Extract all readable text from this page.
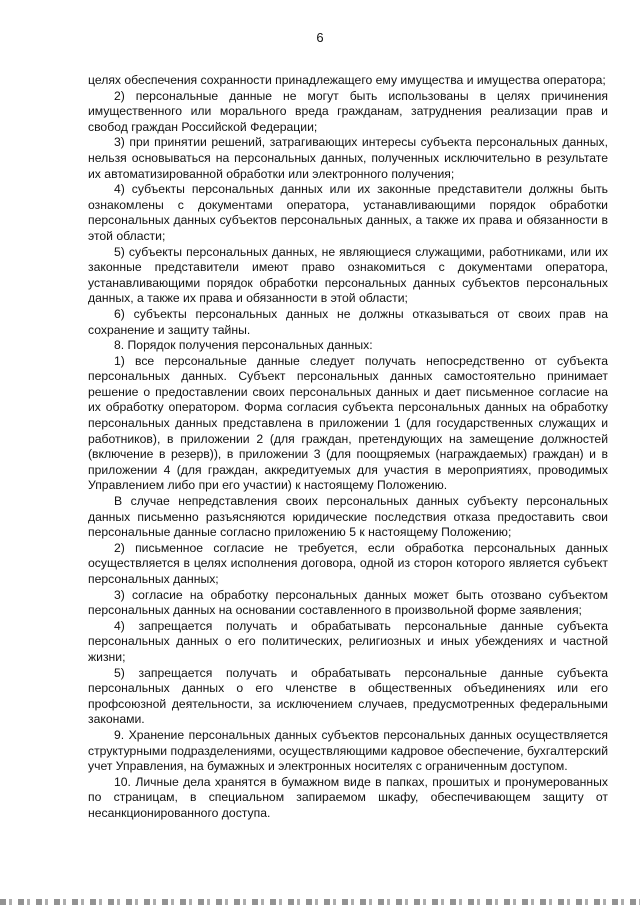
6

целях обеспечения сохранности принадлежащего ему имущества и имущества оператора;

2) персональные данные не могут быть использованы в целях причинения имущественного или морального вреда гражданам, затруднения реализации прав и свобод граждан Российской Федерации;

3) при принятии решений, затрагивающих интересы субъекта персональных данных, нельзя основываться на персональных данных, полученных исключительно в результате их автоматизированной обработки или электронного получения;

4) субъекты персональных данных или их законные представители должны быть ознакомлены с документами оператора, устанавливающими порядок обработки персональных данных субъектов персональных данных, а также их права и обязанности в этой области;

5) субъекты персональных данных, не являющиеся служащими, работниками, или их законные представители имеют право ознакомиться с документами оператора, устанавливающими порядок обработки персональных данных субъектов персональных данных, а также их права и обязанности в этой области;

6) субъекты персональных данных не должны отказываться от своих прав на сохранение и защиту тайны.

8. Порядок получения персональных данных:

1) все персональные данные следует получать непосредственно от субъекта персональных данных. Субъект персональных данных самостоятельно принимает решение о предоставлении своих персональных данных и дает письменное согласие на их обработку оператором. Форма согласия субъекта персональных данных на обработку персональных данных представлена в приложении 1 (для государственных служащих и работников), в приложении 2 (для граждан, претендующих на замещение должностей (включение в резерв)), в приложении 3 (для поощряемых (награждаемых) граждан) и в приложении 4 (для граждан, аккредитуемых для участия в мероприятиях, проводимых Управлением либо при его участии) к настоящему Положению.

В случае непредставления своих персональных данных субъекту персональных данных письменно разъясняются юридические последствия отказа предоставить свои персональные данные согласно приложению 5 к настоящему Положению;

2) письменное согласие не требуется, если обработка персональных данных осуществляется в целях исполнения договора, одной из сторон которого является субъект персональных данных;

3) согласие на обработку персональных данных может быть отозвано субъектом персональных данных на основании составленного в произвольной форме заявления;

4) запрещается получать и обрабатывать персональные данные субъекта персональных данных о его политических, религиозных и иных убеждениях и частной жизни;

5) запрещается получать и обрабатывать персональные данные субъекта персональных данных о его членстве в общественных объединениях или его профсоюзной деятельности, за исключением случаев, предусмотренных федеральными законами.

9. Хранение персональных данных субъектов персональных данных осуществляется структурными подразделениями, осуществляющими кадровое обеспечение, бухгалтерский учет Управления, на бумажных и электронных носителях с ограниченным доступом.

10. Личные дела хранятся в бумажном виде в папках, прошитых и пронумерованных по страницам, в специальном запираемом шкафу, обеспечивающем защиту от несанкционированного доступа.
